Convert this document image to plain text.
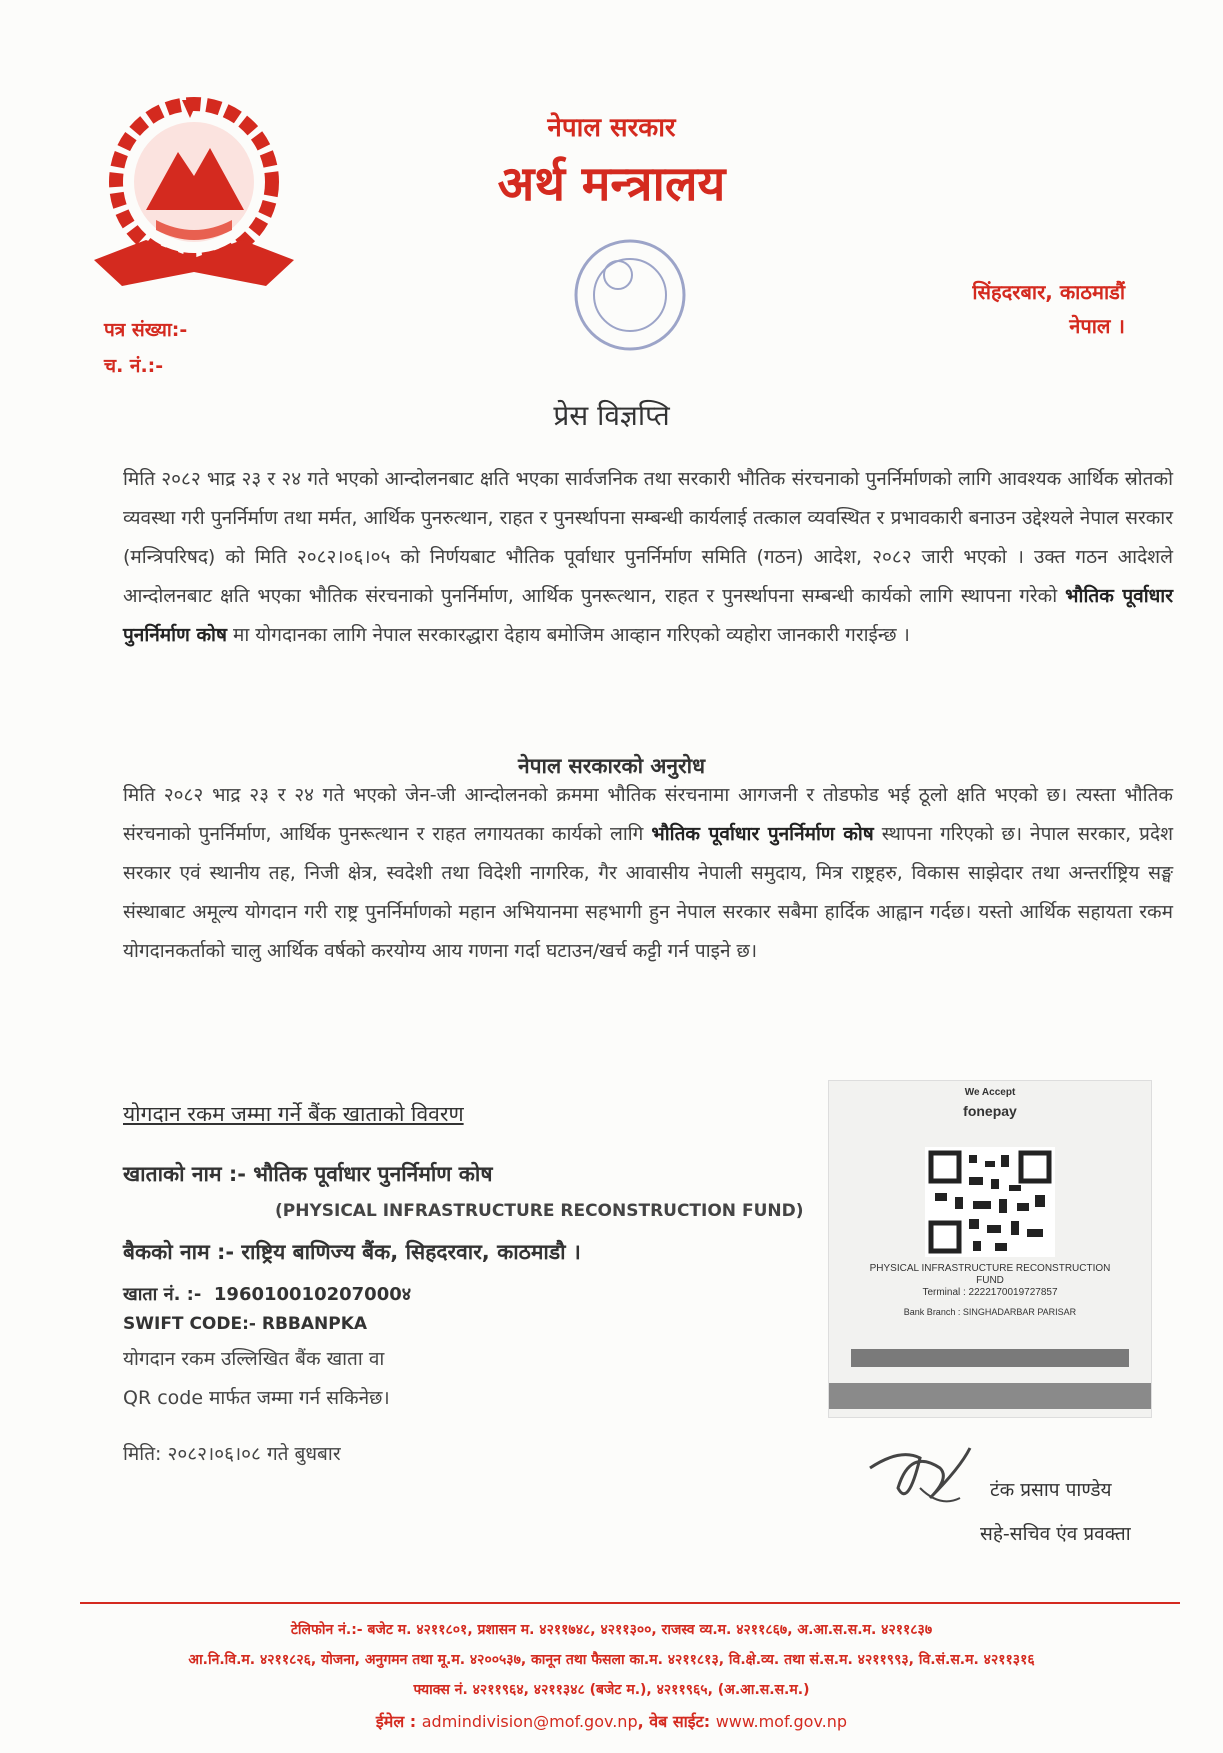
नेपाल सरकार
अर्थ मन्त्रालय
पत्र संख्या:-
च. नं.:-
सिंहदरबार, काठमाडौं
नेपाल ।
प्रेस विज्ञप्ति
मिति २०८२ भाद्र २३ र २४ गते भएको आन्दोलनबाट क्षति भएका सार्वजनिक तथा सरकारी भौतिक संरचनाको पुनर्निर्माणको लागि आवश्यक आर्थिक स्रोतको व्यवस्था गरी पुनर्निर्माण तथा मर्मत, आर्थिक पुनरुत्थान, राहत र पुनर्स्थापना सम्बन्धी कार्यलाई तत्काल व्यवस्थित र प्रभावकारी बनाउन उद्देश्यले नेपाल सरकार (मन्त्रिपरिषद) को मिति २०८२।०६।०५ को निर्णयबाट भौतिक पूर्वाधार पुनर्निर्माण समिति (गठन) आदेश, २०८२ जारी भएको । उक्त गठन आदेशले आन्दोलनबाट क्षति भएका भौतिक संरचनाको पुनर्निर्माण, आर्थिक पुनरूत्थान, राहत र पुनर्स्थापना सम्बन्धी कार्यको लागि स्थापना गरेको भौतिक पूर्वाधार पुनर्निर्माण कोष मा योगदानका लागि नेपाल सरकारद्धारा देहाय बमोजिम आव्हान गरिएको व्यहोरा जानकारी गराईन्छ ।
नेपाल सरकारको अनुरोध
मिति २०८२ भाद्र २३ र २४ गते भएको जेन-जी आन्दोलनको क्रममा भौतिक संरचनामा आगजनी र तोडफोड भई ठूलो क्षति भएको छ। त्यस्ता भौतिक संरचनाको पुनर्निर्माण, आर्थिक पुनरूत्थान र राहत लगायतका कार्यको लागि भौतिक पूर्वाधार पुनर्निर्माण कोष स्थापना गरिएको छ। नेपाल सरकार, प्रदेश सरकार एवं स्थानीय तह, निजी क्षेत्र, स्वदेशी तथा विदेशी नागरिक, गैर आवासीय नेपाली समुदाय, मित्र राष्ट्रहरु, विकास साझेदार तथा अन्तर्राष्ट्रिय सङ्घ संस्थाबाट अमूल्य योगदान गरी राष्ट्र पुनर्निर्माणको महान अभियानमा सहभागी हुन नेपाल सरकार सबैमा हार्दिक आह्वान गर्दछ। यस्तो आर्थिक सहायता रकम योगदानकर्ताको चालु आर्थिक वर्षको करयोग्य आय गणना गर्दा घटाउन/खर्च कट्टी गर्न पाइने छ।
योगदान रकम जम्मा गर्ने बैंक खाताको विवरण
खाताको नाम :- भौतिक पूर्वाधार पुनर्निर्माण कोष
(PHYSICAL INFRASTRUCTURE RECONSTRUCTION FUND)
बैकको नाम :- राष्ट्रिय बाणिज्य बैंक, सिहदरवार, काठमाडौ ।
खाता नं. :- 196010010207000४
SWIFT CODE:- RBBANPKA
योगदान रकम उल्लिखित बैंक खाता वा
QR code मार्फत जम्मा गर्न सकिनेछ।
मिति: २०८२।०६।०८ गते बुधबार
We Accept
fonepay
PHYSICAL INFRASTRUCTURE RECONSTRUCTION
FUND
Terminal : 2222170019727857
Bank Branch : SINGHADARBAR PARISAR
टंक प्रसाप पाण्डेय
सहे-सचिव एंव प्रवक्ता
टेलिफोन नं.:- बजेट म. ४२११८०१, प्रशासन म. ४२११७४८, ४२११३००, राजस्व व्य.म. ४२११८६७, अ.आ.स.स.म. ४२११८३७
आ.नि.वि.म. ४२११८२६, योजना, अनुगमन तथा मू.म. ४२००५३७, कानून तथा फैसला का.म. ४२११८१३, वि.क्षे.व्य. तथा सं.स.म. ४२११९९३, वि.सं.स.म. ४२११३१६
फ्याक्स नं. ४२११९६४, ४२११३४८ (बजेट म.), ४२११९६५, (अ.आ.स.स.म.)
ईमेल : admindivision@mof.gov.np, वेब साईट: www.mof.gov.np
